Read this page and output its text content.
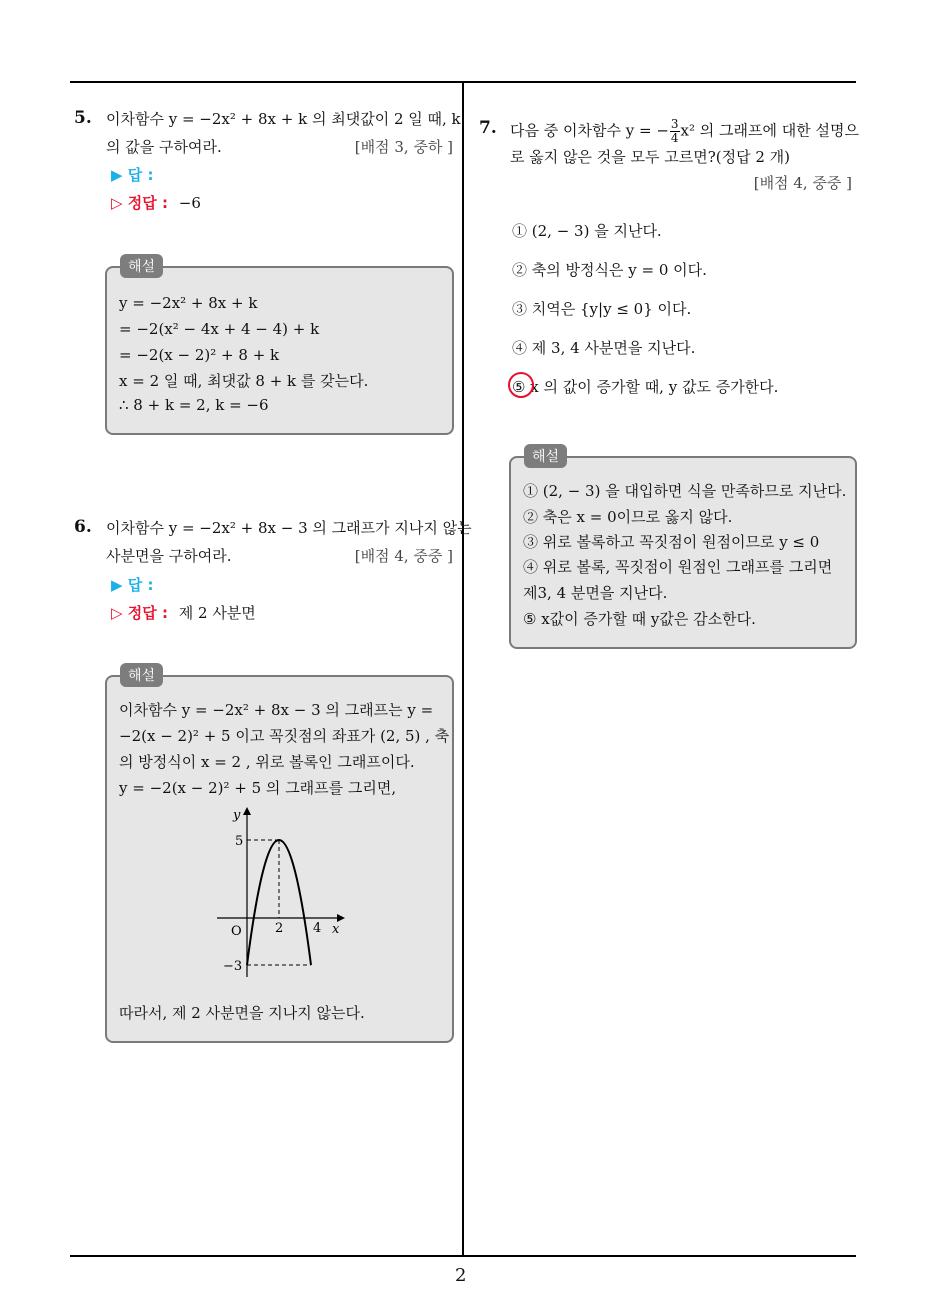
2
5. 이차함수 y = −2x² + 8x + k 의 최댓값이 2 일 때, k
의 값을 구하여라.	[배점 3, 중하 ]
▶ 답 :
▷ 정답 : −6
y = −2x² + 8x + k
= −2(x² − 4x + 4 − 4) + k
= −2(x − 2)² + 8 + k
x = 2 일 때, 최댓값 8 + k 를 갖는다.
∴ 8 + k = 2, k = −6
해설
6. 이차함수 y = −2x² + 8x − 3 의 그래프가 지나지 않는
사분면을 구하여라.	[배점 4, 중중 ]
▶ 답 :
▷ 정답 : 제 2 사분면
이차함수 y = −2x² + 8x − 3 의 그래프는 y =
−2(x − 2)² + 5 이고 꼭짓점의 좌표가 (2, 5) , 축
의 방정식이 x = 2 , 위로 볼록인 그래프이다.
y = −2(x − 2)² + 5 의 그래프를 그리면,
y
x
O
5
2 4
−3
따라서, 제 2 사분면을 지나지 않는다.
해설
7. 다음 중 이차함수 y = − $\frac{3}{4} x^2$ 의 그래프에 대한 설명으
로 옳지 않은 것을 모두 고르면?(정답 2 개)
[배점 4, 중중 ]
① (2, − 3) 을 지난다.
② 축의 방정식은 y = 0 이다.
③ 치역은 {y|y ≤ 0} 이다.
④ 제 3, 4 사분면을 지난다.
⑤ x 의 값이 증가할 때, y 값도 증가한다.
① (2, − 3) 을 대입하면 식을 만족하므로 지난다.
② 축은 x = 0이므로 옳지 않다.
③ 위로 볼록하고 꼭짓점이 원점이므로 y ≤ 0
④ 위로 볼록, 꼭짓점이 원점인 그래프를 그리면
제3, 4 분면을 지난다.
⑤ x값이 증가할 때 y값은 감소한다.
해설
